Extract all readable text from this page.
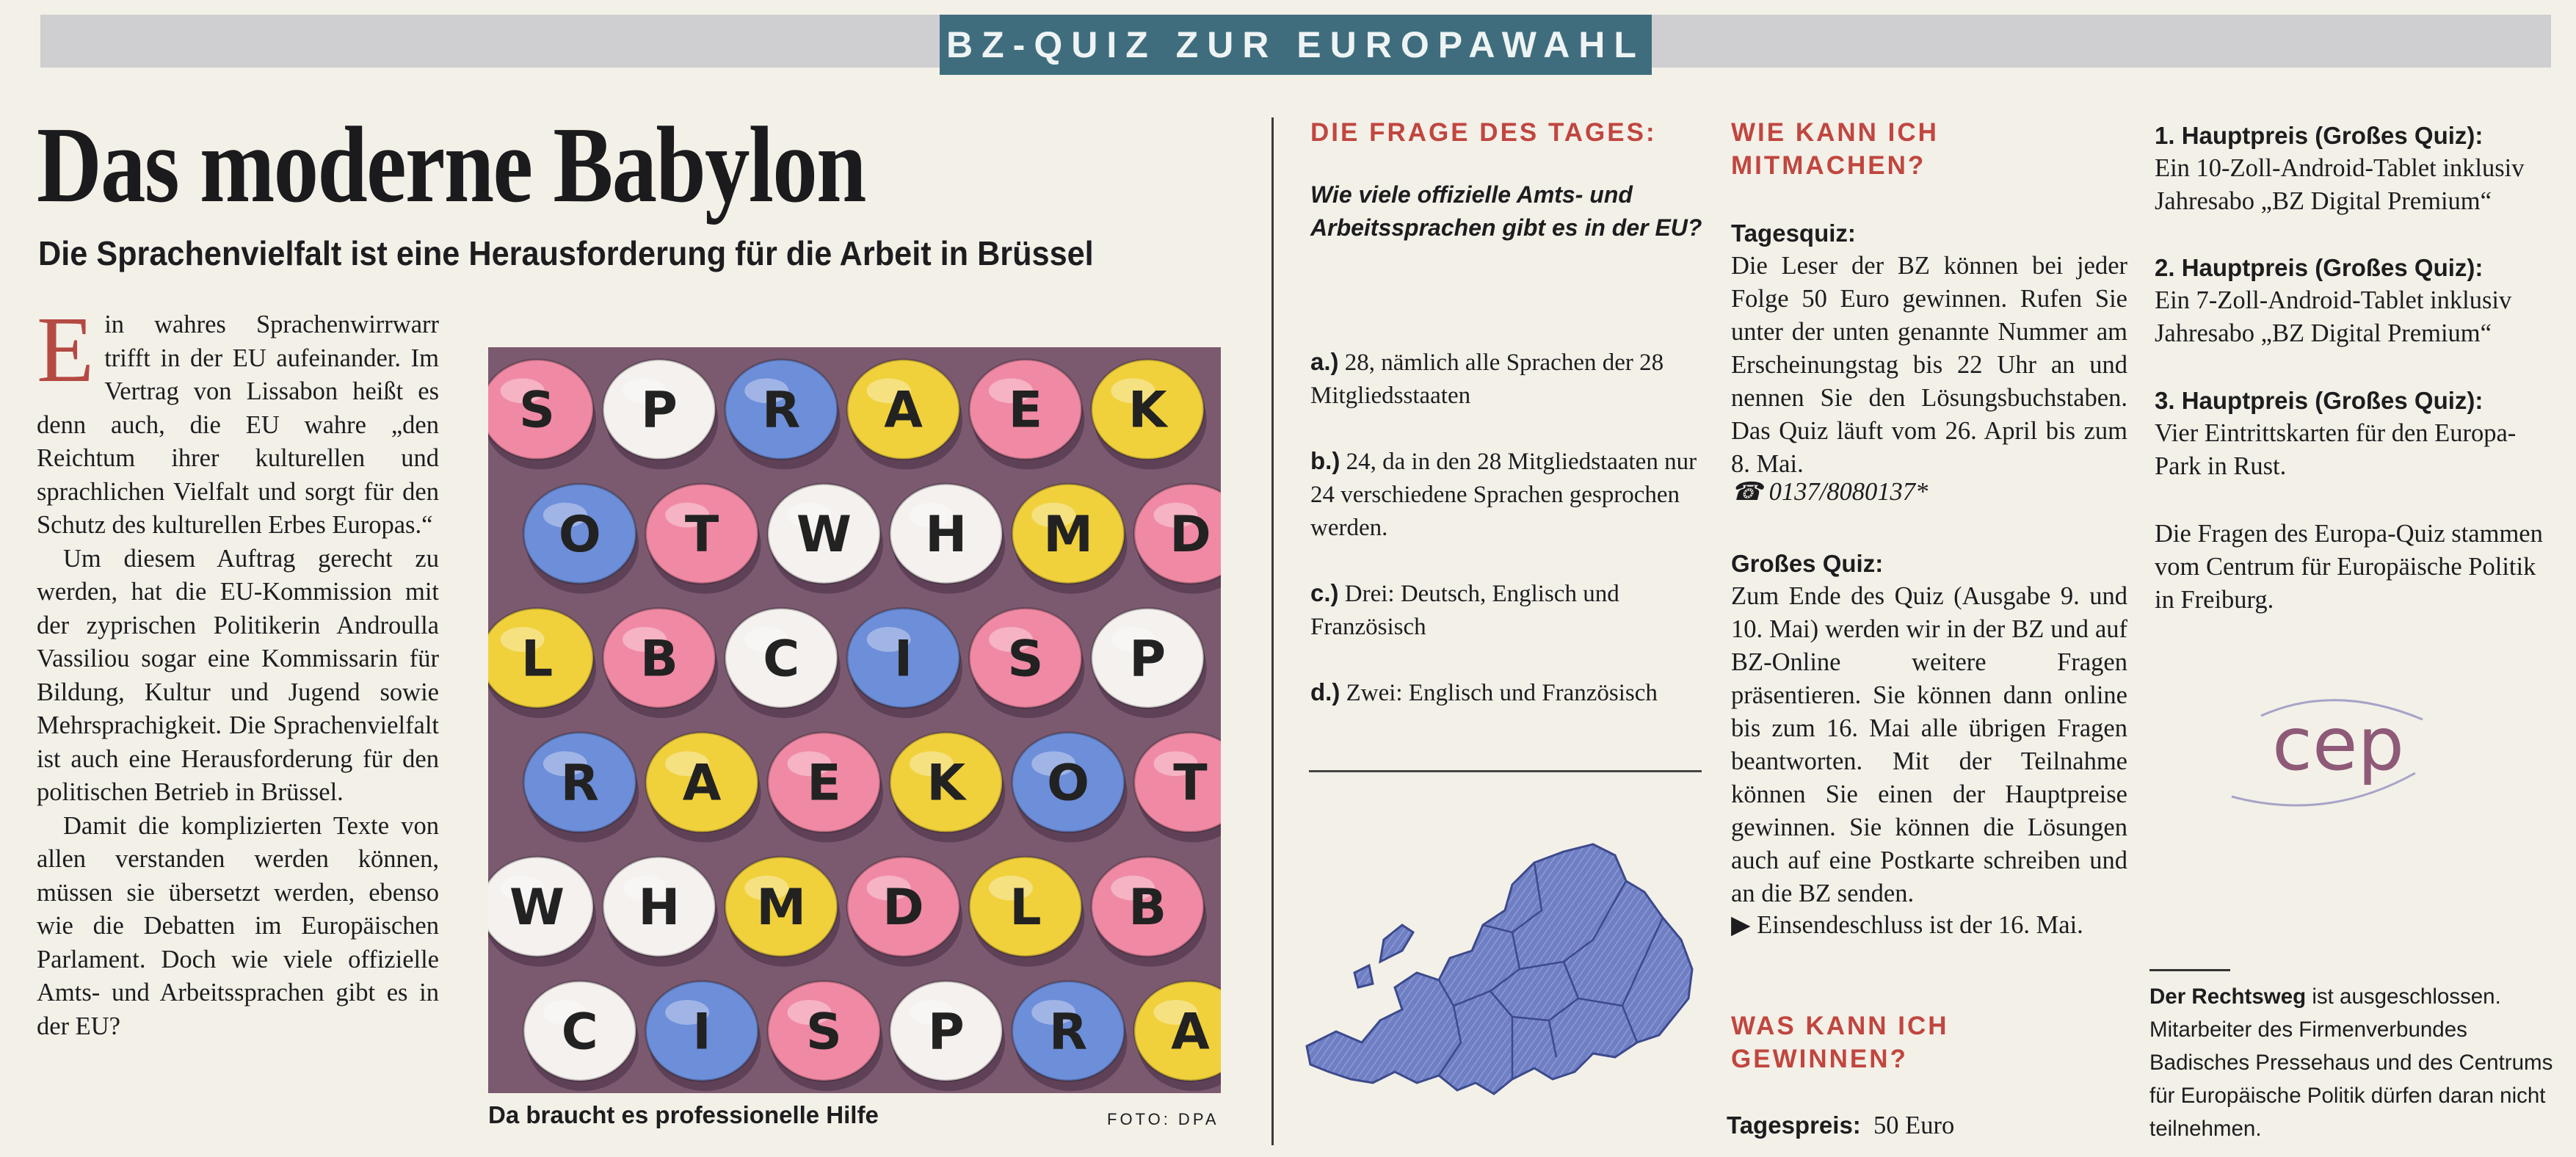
BZ-QUIZ ZUR EUROPAWAHL
Das moderne Babylon
Die Sprachenvielfalt ist eine Herausforderung für die Arbeit in Brüssel

Ein wahres Sprachenwirrwarr trifft in der EU aufeinander. Im Vertrag von Lissabon heißt es denn auch, die EU wahre „den Reichtum ihrer kulturellen und sprachlichen Vielfalt und sorgt für den Schutz des kulturellen Erbes Europas.“

Um diesem Auftrag gerecht zu werden, hat die EU-Kommission mit der zyprischen Politikerin Androulla Vassiliou sogar eine Kommissarin für Bildung, Kultur und Jugend sowie Mehrsprachigkeit. Die Sprachenvielfalt ist auch eine Herausforderung für den politischen Betrieb in Brüssel.

Damit die komplizierten Texte von allen verstanden werden können, müssen sie übersetzt werden, ebenso wie die Debatten im Europäischen Parlament. Doch wie viele offizielle Amts- und Arbeitssprachen gibt es in der EU?

S P R A E K
O T W H M D
L B C I S P
R A E K O T
W H M D L B
C I S P R A
Da braucht es professionelle Hilfe	FOTO: DPA
DIE FRAGE DES TAGES:
Wie viele offizielle Amts- und Arbeitssprachen gibt es in der EU?
a.) 28, nämlich alle Sprachen der 28 Mitgliedsstaaten
b.) 24, da in den 28 Mitgliedstaaten nur 24 verschiedene Sprachen gesprochen werden.
c.) Drei: Deutsch, Englisch und Französisch
d.) Zwei: Englisch und Französisch
WIE KANN ICH MITMACHEN?
Tagesquiz:
Die Leser der BZ können bei jeder Folge 50 Euro gewinnen. Rufen Sie unter der unten genannte Nummer am Erscheinungstag bis 22 Uhr an und nennen Sie den Lösungsbuchstaben. Das Quiz läuft vom 26. April bis zum 8. Mai.
☎ 0137/8080137*
Großes Quiz:
Zum Ende des Quiz (Ausgabe 9. und 10. Mai) werden wir in der BZ und auf BZ-Online weitere Fragen präsentieren. Sie können dann online bis zum 16. Mai alle übrigen Fragen beantworten. Mit der Teilnahme können Sie einen der Hauptpreise gewinnen. Sie können die Lösungen auch auf eine Postkarte schreiben und an die BZ senden.
▶ Einsendeschluss ist der 16. Mai.
WAS KANN ICH GEWINNEN?
Tagespreis: 50 Euro
1. Hauptpreis (Großes Quiz):
Ein 10-Zoll-Android-Tablet inklusiv Jahresabo „BZ Digital Premium“
2. Hauptpreis (Großes Quiz):
Ein 7-Zoll-Android-Tablet inklusiv Jahresabo „BZ Digital Premium“
3. Hauptpreis (Großes Quiz):
Vier Eintrittskarten für den Europa-Park in Rust.
Die Fragen des Europa-Quiz stammen vom Centrum für Europäische Politik in Freiburg.
cep
Der Rechtsweg ist ausgeschlossen. Mitarbeiter des Firmenverbundes Badisches Pressehaus und des Centrums für Europäische Politik dürfen daran nicht teilnehmen.
